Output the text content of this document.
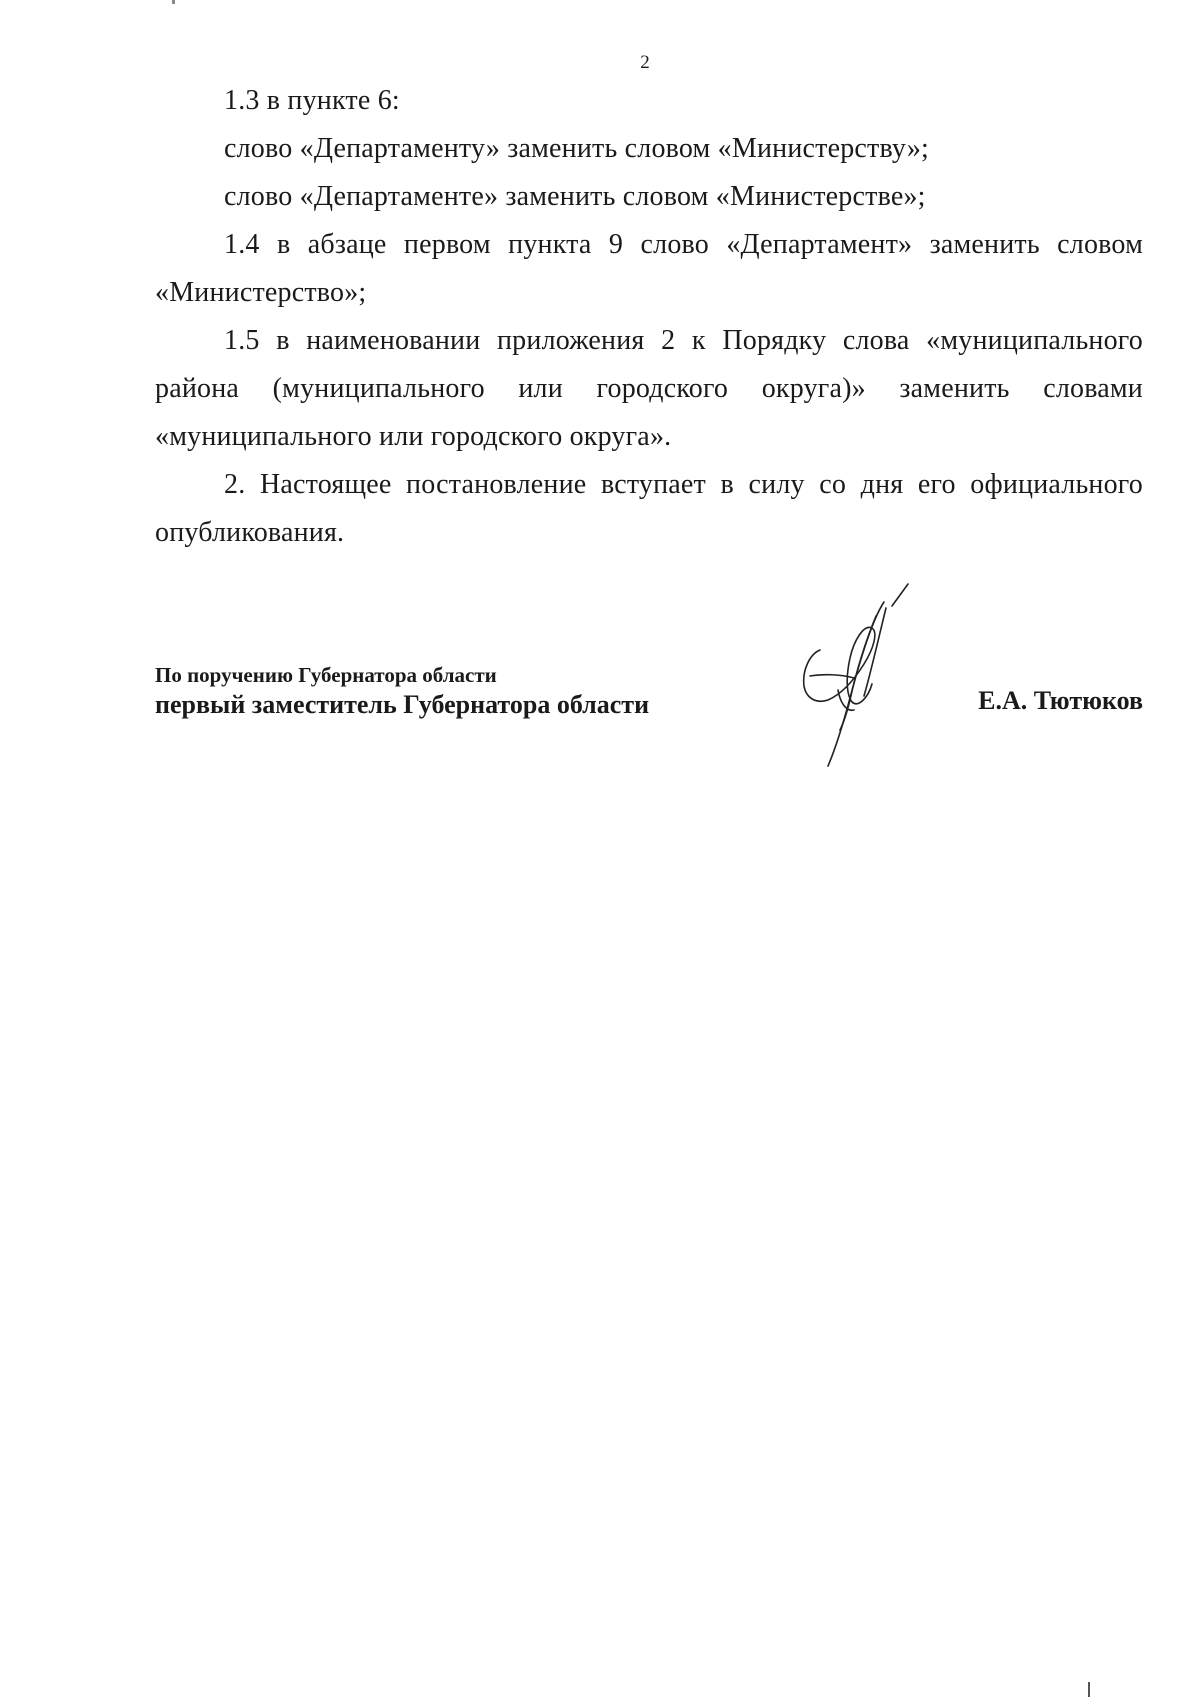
2

1.3 в пункте 6:

слово «Департаменту» заменить словом «Министерству»;

слово «Департаменте» заменить словом «Министерстве»;

1.4 в абзаце первом пункта 9 слово «Департамент» заменить словом «Министерство»;

1.5 в наименовании приложения 2 к Порядку слова «муниципального района (муниципального или городского округа)» заменить словами «муниципального или городского округа».

2. Настоящее постановление вступает в силу со дня его официального опубликования.

По поручению Губернатора области
первый заместитель Губернатора области	Е.А. Тютюков
